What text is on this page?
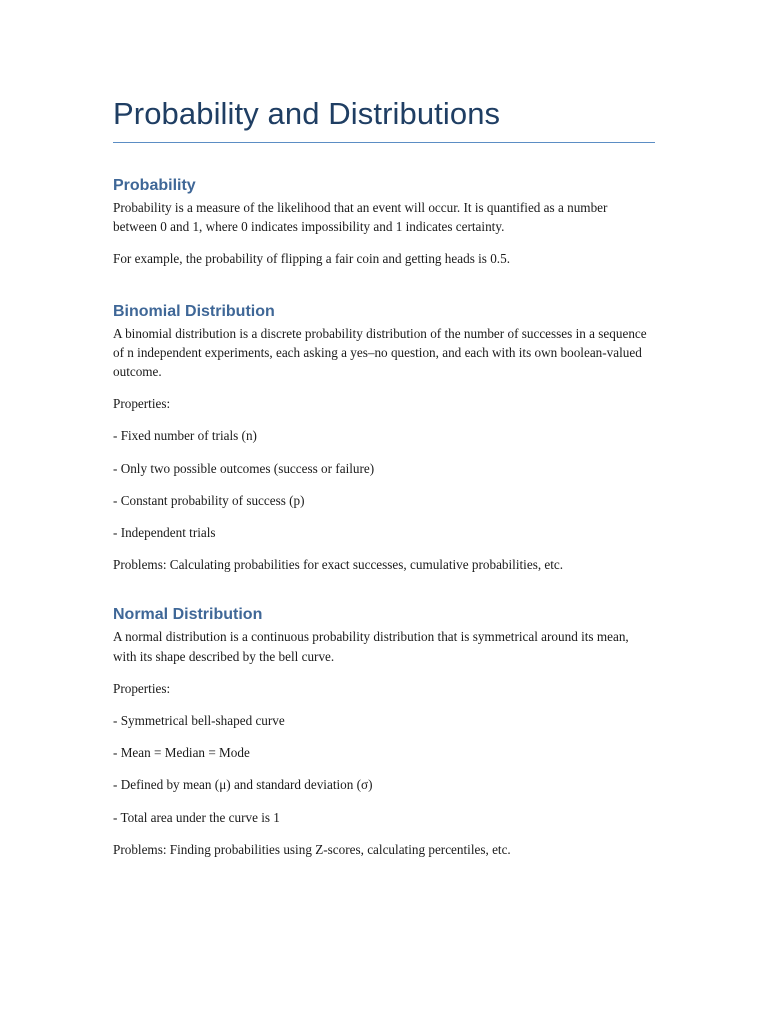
Probability and Distributions
Probability

Probability is a measure of the likelihood that an event will occur. It is quantified as a number between 0 and 1, where 0 indicates impossibility and 1 indicates certainty.

For example, the probability of flipping a fair coin and getting heads is 0.5.

Binomial Distribution

A binomial distribution is a discrete probability distribution of the number of successes in a sequence of n independent experiments, each asking a yes–no question, and each with its own boolean-valued outcome.

Properties:

- Fixed number of trials (n)

- Only two possible outcomes (success or failure)

- Constant probability of success (p)

- Independent trials

Problems: Calculating probabilities for exact successes, cumulative probabilities, etc.

Normal Distribution

A normal distribution is a continuous probability distribution that is symmetrical around its mean, with its shape described by the bell curve.

Properties:

- Symmetrical bell-shaped curve

- Mean = Median = Mode

- Defined by mean (μ) and standard deviation (σ)

- Total area under the curve is 1

Problems: Finding probabilities using Z-scores, calculating percentiles, etc.
